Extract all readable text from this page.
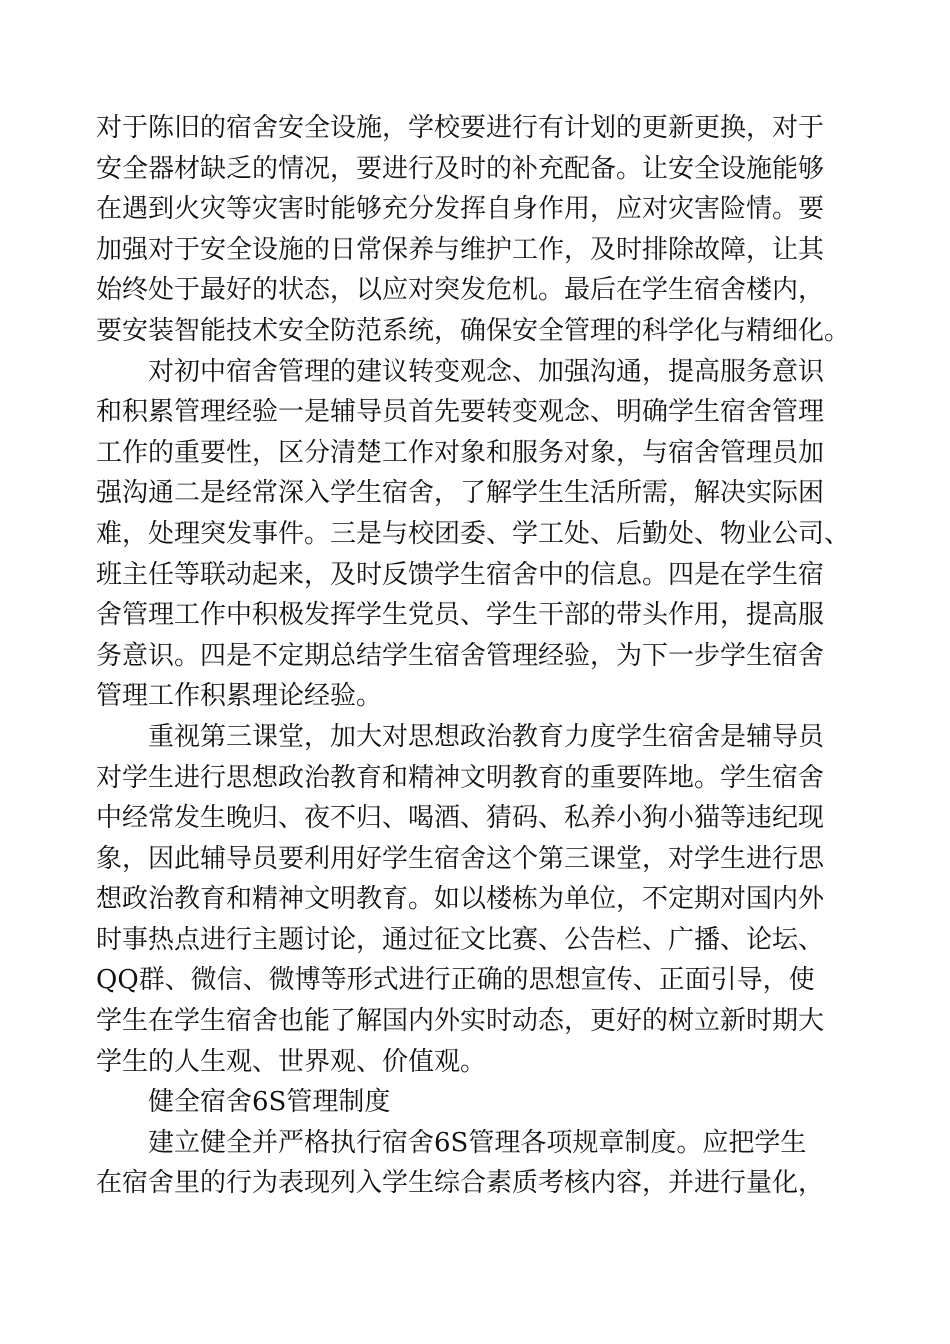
对于陈旧的宿舍安全设施，学校要进行有计划的更新更换，对于
安全器材缺乏的情况，要进行及时的补充配备。让安全设施能够
在遇到火灾等灾害时能够充分发挥自身作用，应对灾害险情。要
加强对于安全设施的日常保养与维护工作，及时排除故障，让其
始终处于最好的状态，以应对突发危机。最后在学生宿舍楼内，
要安装智能技术安全防范系统，确保安全管理的科学化与精细化。
对初中宿舍管理的建议转变观念、加强沟通，提高服务意识
和积累管理经验一是辅导员首先要转变观念、明确学生宿舍管理
工作的重要性，区分清楚工作对象和服务对象，与宿舍管理员加
强沟通二是经常深入学生宿舍，了解学生生活所需，解决实际困
难，处理突发事件。三是与校团委、学工处、后勤处、物业公司、
班主任等联动起来，及时反馈学生宿舍中的信息。四是在学生宿
舍管理工作中积极发挥学生党员、学生干部的带头作用，提高服
务意识。四是不定期总结学生宿舍管理经验，为下一步学生宿舍
管理工作积累理论经验。
重视第三课堂，加大对思想政治教育力度学生宿舍是辅导员
对学生进行思想政治教育和精神文明教育的重要阵地。学生宿舍
中经常发生晚归、夜不归、喝酒、猜码、私养小狗小猫等违纪现
象，因此辅导员要利用好学生宿舍这个第三课堂，对学生进行思
想政治教育和精神文明教育。如以楼栋为单位，不定期对国内外
时事热点进行主题讨论，通过征文比赛、公告栏、广播、论坛、
QQ群、微信、微博等形式进行正确的思想宣传、正面引导，使
学生在学生宿舍也能了解国内外实时动态，更好的树立新时期大
学生的人生观、世界观、价值观。
健全宿舍6S管理制度
建立健全并严格执行宿舍6S管理各项规章制度。应把学生
在宿舍里的行为表现列入学生综合素质考核内容，并进行量化，
